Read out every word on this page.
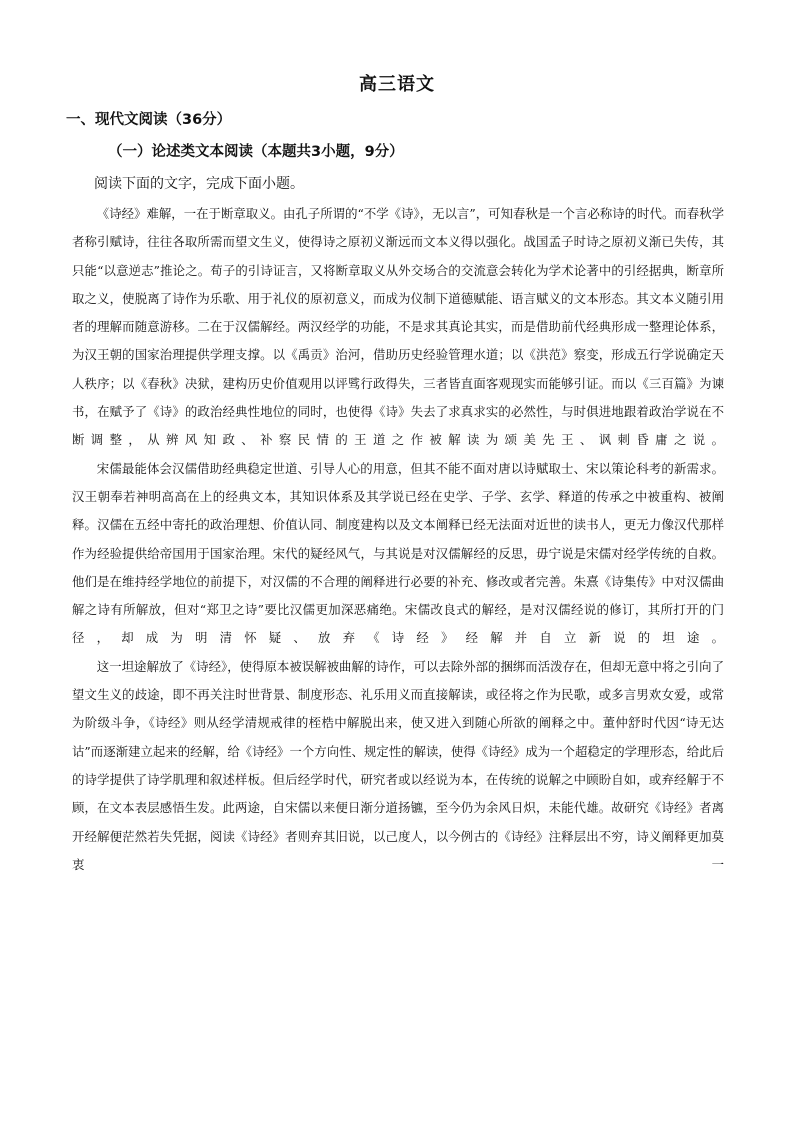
高三语文
一、现代文阅读（36分）
（一）论述类文本阅读（本题共3小题，9分）
阅读下面的文字，完成下面小题。

《诗经》难解，一在于断章取义。由孔子所谓的“不学《诗》，无以言”，可知春秋是一个言必称诗的时代。而春秋学者称引赋诗，往往各取所需而望文生义，使得诗之原初义渐远而文本义得以强化。战国孟子时诗之原初义渐已失传，其只能“以意逆志”推论之。荀子的引诗证言，又将断章取义从外交场合的交流意会转化为学术论著中的引经据典，断章所取之义，使脱离了诗作为乐歌、用于礼仪的原初意义，而成为仪制下道德赋能、语言赋义的文本形态。其文本义随引用者的理解而随意游移。二在于汉儒解经。两汉经学的功能，不是求其真论其实，而是借助前代经典形成一整理论体系，为汉王朝的国家治理提供学理支撑。以《禹贡》治河，借助历史经验管理水道；以《洪范》察变，形成五行学说确定天人秩序；以《春秋》决狱，建构历史价值观用以评骘行政得失，三者皆直面客观现实而能够引证。而以《三百篇》为谏书，在赋予了《诗》的政治经典性地位的同时，也使得《诗》失去了求真求实的必然性，与时俱进地跟着政治学说在不断调整，从辨风知政、补察民情的王道之作被解读为颂美先王、讽刺昏庸之说。

宋儒最能体会汉儒借助经典稳定世道、引导人心的用意，但其不能不面对唐以诗赋取士、宋以策论科考的新需求。汉王朝奉若神明高高在上的经典文本，其知识体系及其学说已经在史学、子学、玄学、释道的传承之中被重构、被阐释。汉儒在五经中寄托的政治理想、价值认同、制度建构以及文本阐释已经无法面对近世的读书人，更无力像汉代那样作为经验提供给帝国用于国家治理。宋代的疑经风气，与其说是对汉儒解经的反思，毋宁说是宋儒对经学传统的自救。他们是在维持经学地位的前提下，对汉儒的不合理的阐释进行必要的补充、修改或者完善。朱熹《诗集传》中对汉儒曲解之诗有所解放，但对“郑卫之诗”要比汉儒更加深恶痛绝。宋儒改良式的解经，是对汉儒经说的修订，其所打开的门径，却成为明清怀疑、放弃《诗经》经解并自立新说的坦途。

这一坦途解放了《诗经》，使得原本被误解被曲解的诗作，可以去除外部的捆绑而活泼存在，但却无意中将之引向了望文生义的歧途，即不再关注时世背景、制度形态、礼乐用义而直接解读，或径将之作为民歌，或多言男欢女爱，或常为阶级斗争，《诗经》则从经学清规戒律的桎梏中解脱出来，使又进入到随心所欲的阐释之中。董仲舒时代因“诗无达诂”而逐渐建立起来的经解，给《诗经》一个方向性、规定性的解读，使得《诗经》成为一个超稳定的学理形态，给此后的诗学提供了诗学肌理和叙述样板。但后经学时代，研究者或以经说为本，在传统的说解之中顾盼自如，或弃经解于不顾，在文本表层感悟生发。此两途，自宋儒以来便日渐分道扬镳，至今仍为余风日炽，未能代雄。故研究《诗经》者离开经解便茫然若失凭据，阅读《诗经》者则弃其旧说，以己度人，以今例古的《诗经》注释层出不穷，诗义阐释更加莫衷一
